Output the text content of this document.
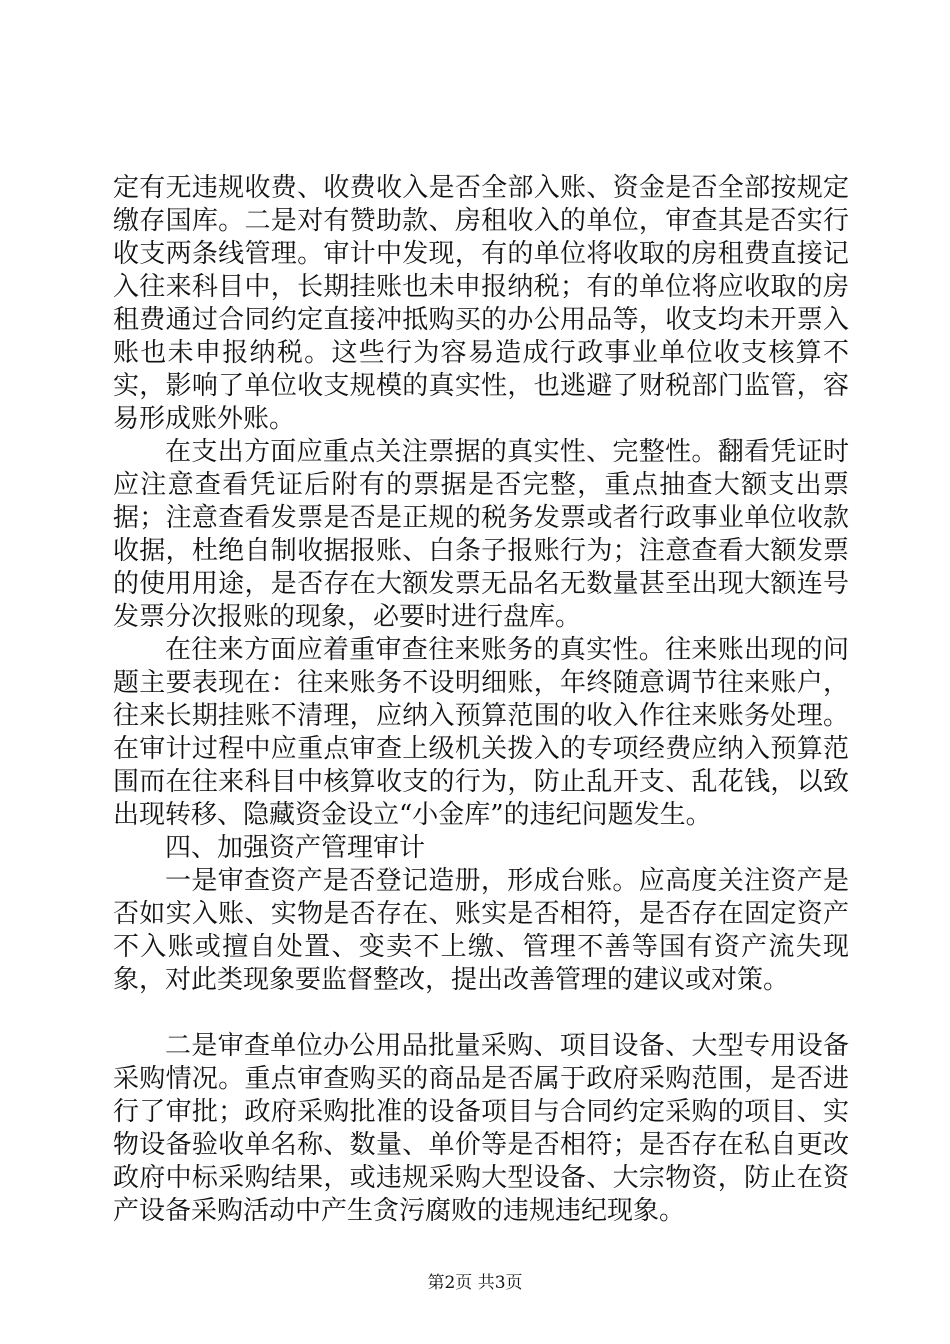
定有无违规收费、收费收入是否全部入账、资金是否全部按规定缴存国库。二是对有赞助款、房租收入的单位，审查其是否实行收支两条线管理。审计中发现，有的单位将收取的房租费直接记入往来科目中，长期挂账也未申报纳税；有的单位将应收取的房租费通过合同约定直接冲抵购买的办公用品等，收支均未开票入账也未申报纳税。这些行为容易造成行政事业单位收支核算不实，影响了单位收支规模的真实性，也逃避了财税部门监管，容易形成账外账。

在支出方面应重点关注票据的真实性、完整性。翻看凭证时应注意查看凭证后附有的票据是否完整，重点抽查大额支出票据；注意查看发票是否是正规的税务发票或者行政事业单位收款收据，杜绝自制收据报账、白条子报账行为；注意查看大额发票的使用用途，是否存在大额发票无品名无数量甚至出现大额连号发票分次报账的现象，必要时进行盘库。

在往来方面应着重审查往来账务的真实性。往来账出现的问题主要表现在：往来账务不设明细账，年终随意调节往来账户，往来长期挂账不清理，应纳入预算范围的收入作往来账务处理。在审计过程中应重点审查上级机关拨入的专项经费应纳入预算范围而在往来科目中核算收支的行为，防止乱开支、乱花钱，以致出现转移、隐藏资金设立“小金库”的违纪问题发生。

四、加强资产管理审计

一是审查资产是否登记造册，形成台账。应高度关注资产是否如实入账、实物是否存在、账实是否相符，是否存在固定资产不入账或擅自处置、变卖不上缴、管理不善等国有资产流失现象，对此类现象要监督整改，提出改善管理的建议或对策。

二是审查单位办公用品批量采购、项目设备、大型专用设备采购情况。重点审查购买的商品是否属于政府采购范围，是否进行了审批；政府采购批准的设备项目与合同约定采购的项目、实物设备验收单名称、数量、单价等是否相符；是否存在私自更改政府中标采购结果，或违规采购大型设备、大宗物资，防止在资产设备采购活动中产生贪污腐败的违规违纪现象。

第2页 共3页
